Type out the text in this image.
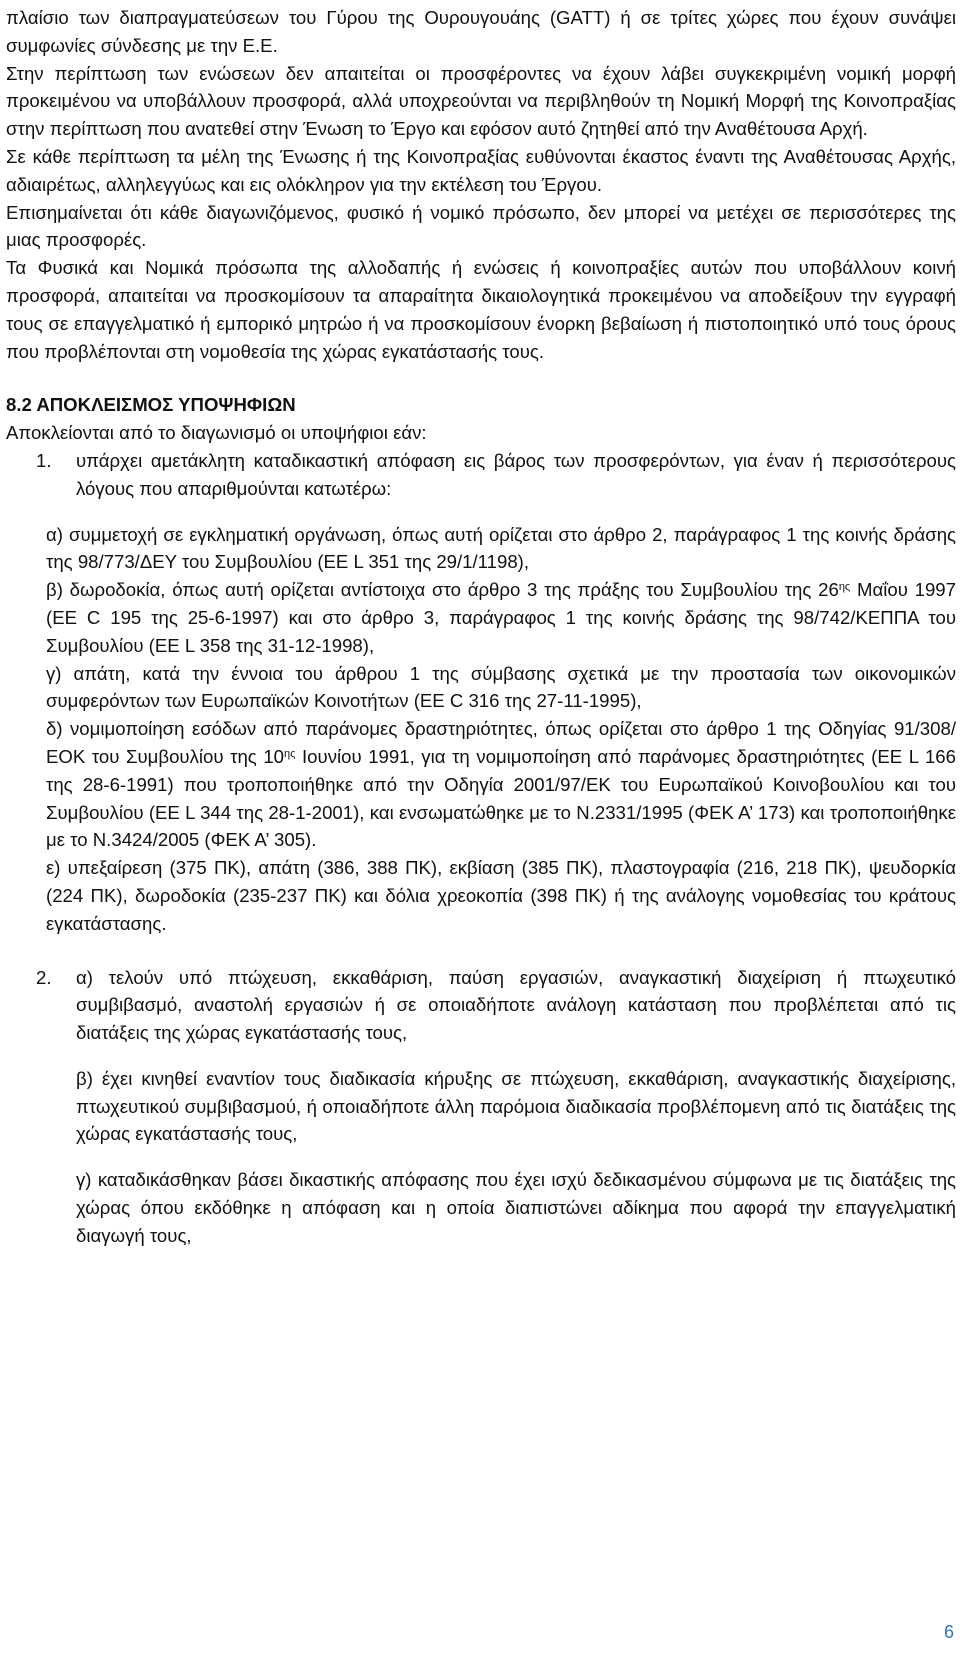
πλαίσιο των διαπραγματεύσεων του Γύρου της Ουρουγουάης (GATT) ή σε τρίτες χώρες που έχουν συνάψει συμφωνίες σύνδεσης με την Ε.Ε.

Στην περίπτωση των ενώσεων δεν απαιτείται οι προσφέροντες να έχουν λάβει συγκεκριμένη νομική μορφή προκειμένου να υποβάλλουν προσφορά, αλλά υποχρεούνται να περιβληθούν τη Νομική Μορφή της Κοινοπραξίας στην περίπτωση που ανατεθεί στην Ένωση το Έργο και εφόσον αυτό ζητηθεί από την Αναθέτουσα Αρχή.

Σε κάθε περίπτωση τα μέλη της Ένωσης ή της Κοινοπραξίας ευθύνονται έκαστος έναντι της Αναθέτουσας Αρχής, αδιαιρέτως, αλληλεγγύως και εις ολόκληρον για την εκτέλεση του Έργου.

Επισημαίνεται ότι κάθε διαγωνιζόμενος, φυσικό ή νομικό πρόσωπο, δεν μπορεί να μετέχει σε περισσότερες της μιας προσφορές.

Τα Φυσικά και Νομικά πρόσωπα της αλλοδαπής ή ενώσεις ή κοινοπραξίες αυτών που υποβάλλουν κοινή προσφορά, απαιτείται να προσκομίσουν τα απαραίτητα δικαιολογητικά προκειμένου να αποδείξουν την εγγραφή τους σε επαγγελματικό ή εμπορικό μητρώο ή να προσκομίσουν ένορκη βεβαίωση ή πιστοποιητικό υπό τους όρους που προβλέπονται στη νομοθεσία της χώρας εγκατάστασής τους.

8.2 ΑΠΟΚΛΕΙΣΜΟΣ ΥΠΟΨΗΦΙΩΝ

Αποκλείονται από το διαγωνισμό οι υποψήφιοι εάν:

1.	υπάρχει αμετάκλητη καταδικαστική απόφαση εις βάρος των προσφερόντων, για έναν ή περισσότερους λόγους που απαριθμούνται κατωτέρω:

α) συμμετοχή σε εγκληματική οργάνωση, όπως αυτή ορίζεται στο άρθρο 2, παράγραφος 1 της κοινής δράσης της 98/773/ΔΕΥ του Συμβουλίου (ΕΕ L 351 της 29/1/1198),

β) δωροδοκία, όπως αυτή ορίζεται αντίστοιχα στο άρθρο 3 της πράξης του Συμβουλίου της $26^{\eta\varsigma}$ Μαΐου 1997 (ΕΕ C 195 της 25-6-1997) και στο άρθρο 3, παράγραφος 1 της κοινής δράσης της 98/742/ΚΕΠΠΑ του Συμβουλίου (ΕΕ L 358 της 31-12-1998),

γ) απάτη, κατά την έννοια του άρθρου 1 της σύμβασης σχετικά με την προστασία των οικονομικών συμφερόντων των Ευρωπαϊκών Κοινοτήτων (ΕΕ C 316 της 27-11-1995),

δ) νομιμοποίηση εσόδων από παράνομες δραστηριότητες, όπως ορίζεται στο άρθρο 1 της Οδηγίας 91/308/ΕΟΚ του Συμβουλίου της $10^{\eta\varsigma}$ Ιουνίου 1991, για τη νομιμοποίηση από παράνομες δραστηριότητες (ΕΕ L 166 της 28-6-1991) που τροποποιήθηκε από την Οδηγία 2001/97/ΕΚ του Ευρωπαϊκού Κοινοβουλίου και του Συμβουλίου (ΕΕ L 344 της 28-1-2001), και ενσωματώθηκε με το Ν.2331/1995 (ΦΕΚ Α’ 173) και τροποποιήθηκε με το Ν.3424/2005 (ΦΕΚ Α’ 305).

ε) υπεξαίρεση (375 ΠΚ), απάτη (386, 388 ΠΚ), εκβίαση (385 ΠΚ), πλαστογραφία (216, 218 ΠΚ), ψευδορκία (224 ΠΚ), δωροδοκία (235-237 ΠΚ) και δόλια χρεοκοπία (398 ΠΚ) ή της ανάλογης νομοθεσίας του κράτους εγκατάστασης.

2.	α) τελούν υπό πτώχευση, εκκαθάριση, παύση εργασιών, αναγκαστική διαχείριση ή πτωχευτικό συμβιβασμό, αναστολή εργασιών ή σε οποιαδήποτε ανάλογη κατάσταση που προβλέπεται από τις διατάξεις της χώρας εγκατάστασής τους,

β) έχει κινηθεί εναντίον τους διαδικασία κήρυξης σε πτώχευση, εκκαθάριση, αναγκαστικής διαχείρισης, πτωχευτικού συμβιβασμού, ή οποιαδήποτε άλλη παρόμοια διαδικασία προβλέπομενη από τις διατάξεις της χώρας εγκατάστασής τους,

γ) καταδικάσθηκαν βάσει δικαστικής απόφασης που έχει ισχύ δεδικασμένου σύμφωνα με τις διατάξεις της χώρας όπου εκδόθηκε η απόφαση και η οποία διαπιστώνει αδίκημα που αφορά την επαγγελματική διαγωγή τους,

6
